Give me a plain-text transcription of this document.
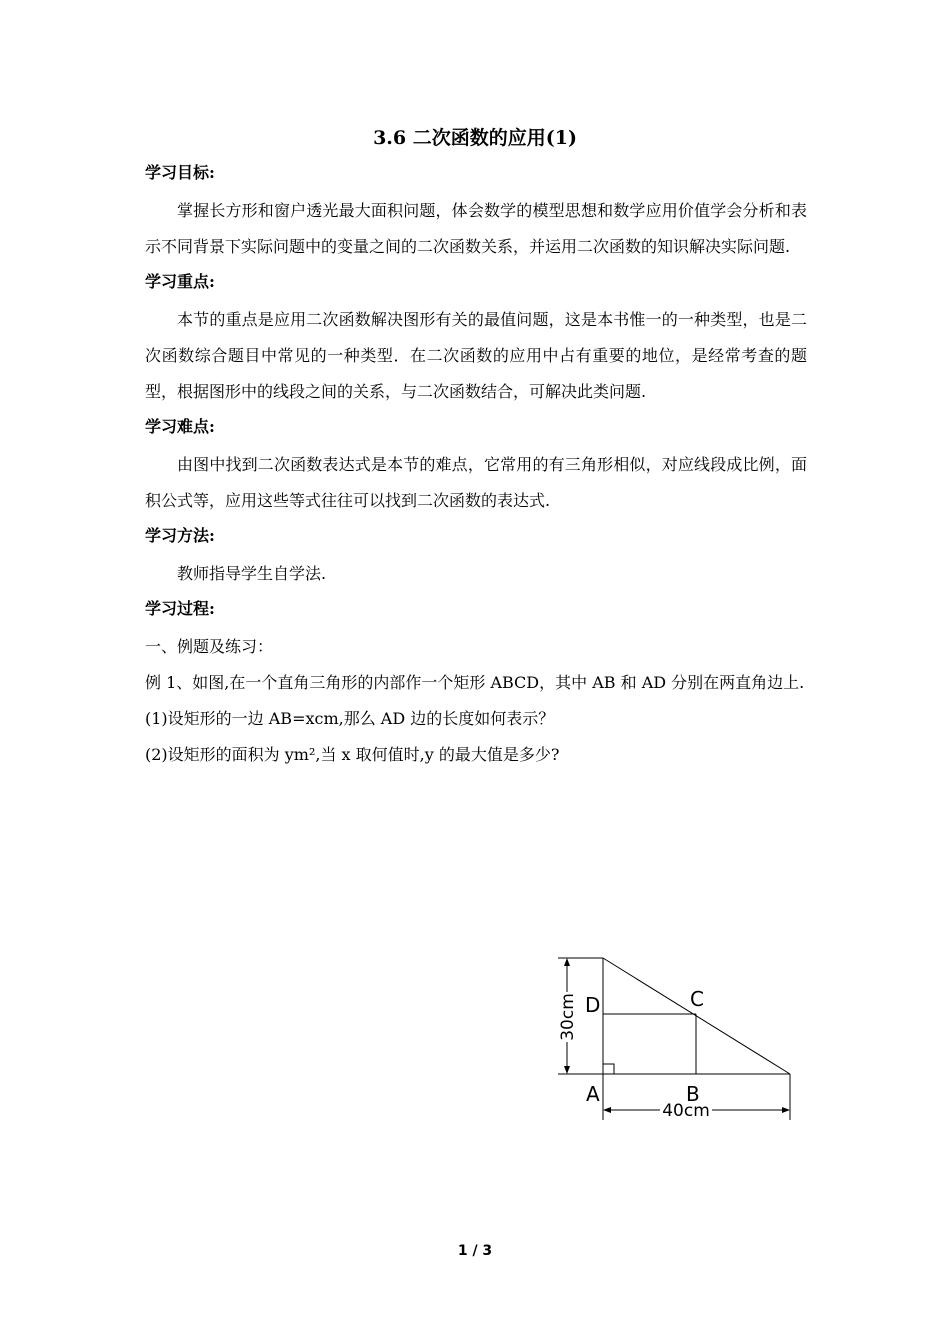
3.6 二次函数的应用(1)
学习目标:

掌握长方形和窗户透光最大面积问题，体会数学的模型思想和数学应用价值学会分析和表示不同背景下实际问题中的变量之间的二次函数关系，并运用二次函数的知识解决实际问题.

学习重点:

本节的重点是应用二次函数解决图形有关的最值问题，这是本书惟一的一种类型，也是二次函数综合题目中常见的一种类型．在二次函数的应用中占有重要的地位，是经常考查的题型，根据图形中的线段之间的关系，与二次函数结合，可解决此类问题.

学习难点:

由图中找到二次函数表达式是本节的难点，它常用的有三角形相似，对应线段成比例，面积公式等，应用这些等式往往可以找到二次函数的表达式.

学习方法:

教师指导学生自学法.

学习过程:

一、例题及练习：

例 1、如图,在一个直角三角形的内部作一个矩形 ABCD，其中 AB 和 AD 分别在两直角边上.

(1)设矩形的一边 AB=xcm,那么 AD 边的长度如何表示？

(2)设矩形的面积为 ym²,当 x 取何值时,y 的最大值是多少?

30cm
40cm
D	C
A	B
1 / 3
